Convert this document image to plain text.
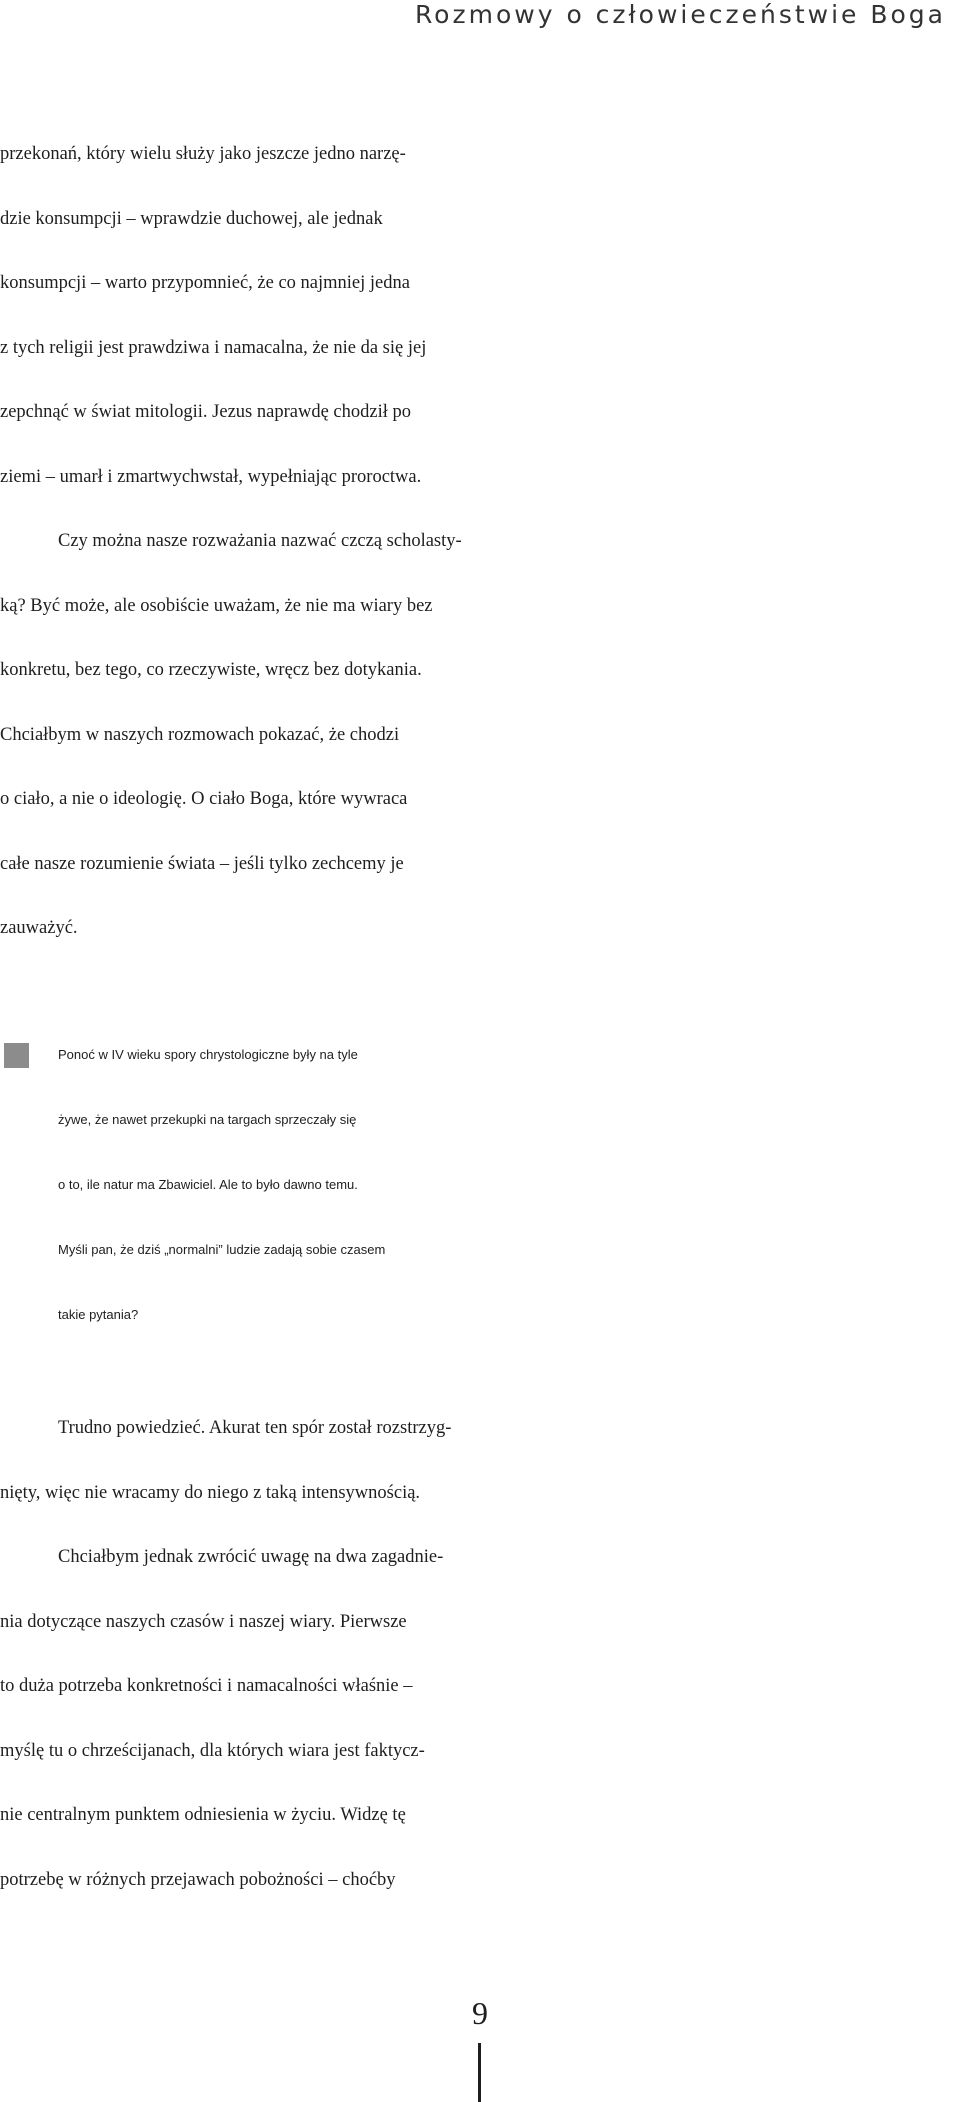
Rozmowy o człowieczeństwie Boga
przekonań, który wielu służy jako jeszcze jedno narzę-
dzie konsumpcji – wprawdzie duchowej, ale jednak
konsumpcji – warto przypomnieć, że co najmniej jedna
z tych religii jest prawdziwa i namacalna, że nie da się jej
zepchnąć w świat mitologii. Jezus naprawdę chodził po
ziemi – umarł i zmartwychwstał, wypełniając proroctwa.
Czy można nasze rozważania nazwać czczą scholasty-
ką? Być może, ale osobiście uważam, że nie ma wiary bez
konkretu, bez tego, co rzeczywiste, wręcz bez dotykania.
Chciałbym w naszych rozmowach pokazać, że chodzi
o ciało, a nie o ideologię. O ciało Boga, które wywraca
całe nasze rozumienie świata – jeśli tylko zechcemy je
zauważyć.
Ponoć w IV wieku spory chrystologiczne były na tyle
żywe, że nawet przekupki na targach sprzeczały się
o to, ile natur ma Zbawiciel. Ale to było dawno temu.
Myśli pan, że dziś „normalni” ludzie zadają sobie czasem
takie pytania?
Trudno powiedzieć. Akurat ten spór został rozstrzyg-
nięty, więc nie wracamy do niego z taką intensywnością.
Chciałbym jednak zwrócić uwagę na dwa zagadnie-
nia dotyczące naszych czasów i naszej wiary. Pierwsze
to duża potrzeba konkretności i namacalności właśnie –
myślę tu o chrześcijanach, dla których wiara jest faktycz-
nie centralnym punktem odniesienia w życiu. Widzę tę
potrzebę w różnych przejawach pobożności – choćby
9
